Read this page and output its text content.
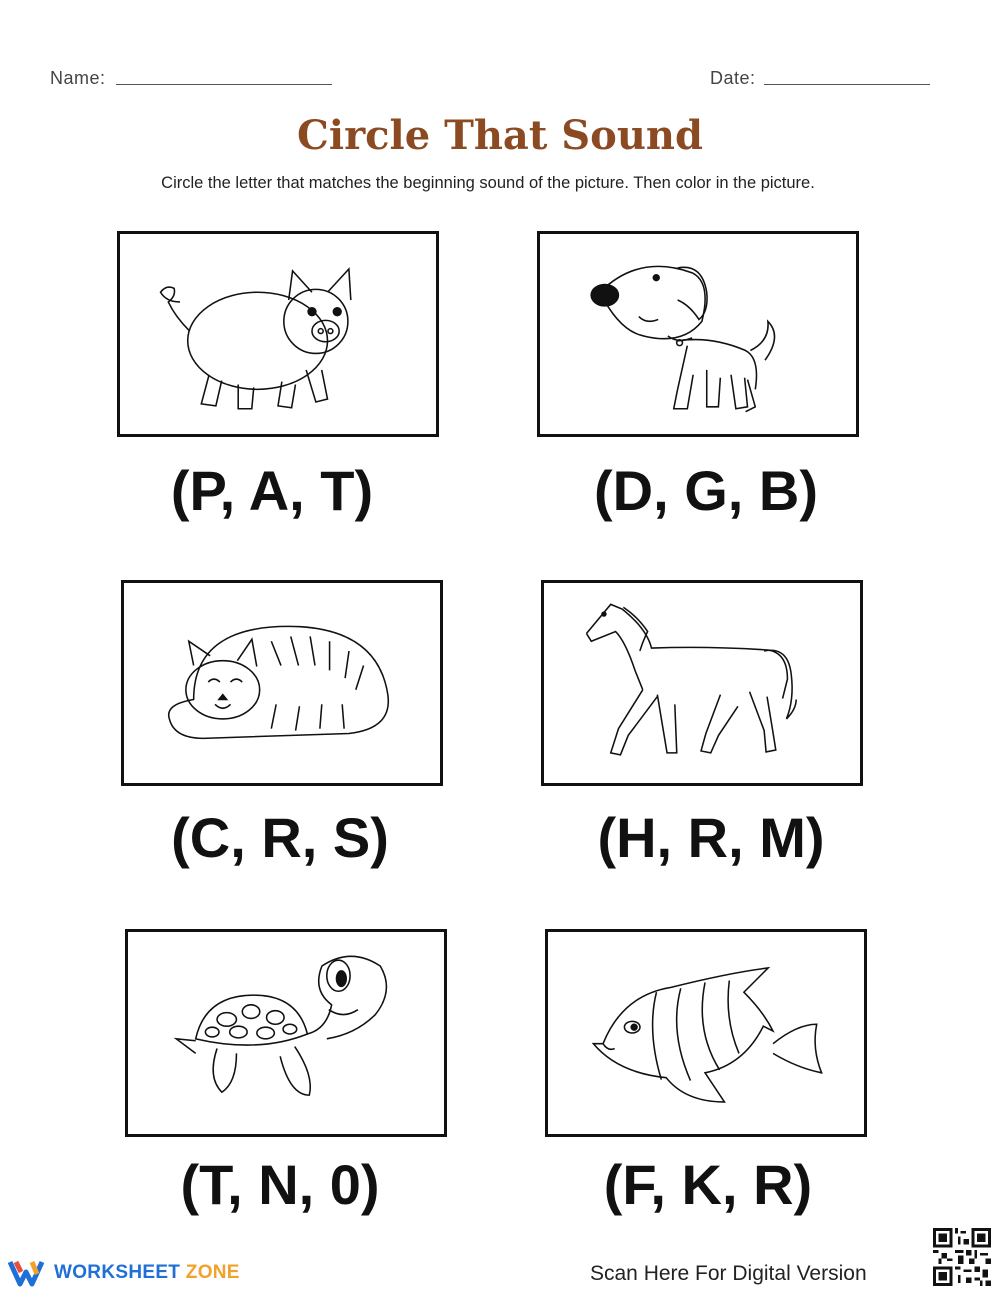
Name:	Date:
Circle That Sound
Circle the letter that matches the beginning sound of the picture. Then color in the picture.
(P, A, T)	(D, G, B)
(C, R, S)	(H, R, M)
(T, N, 0)	(F, K, R)
WORKSHEET ZONE	Scan Here For Digital Version
